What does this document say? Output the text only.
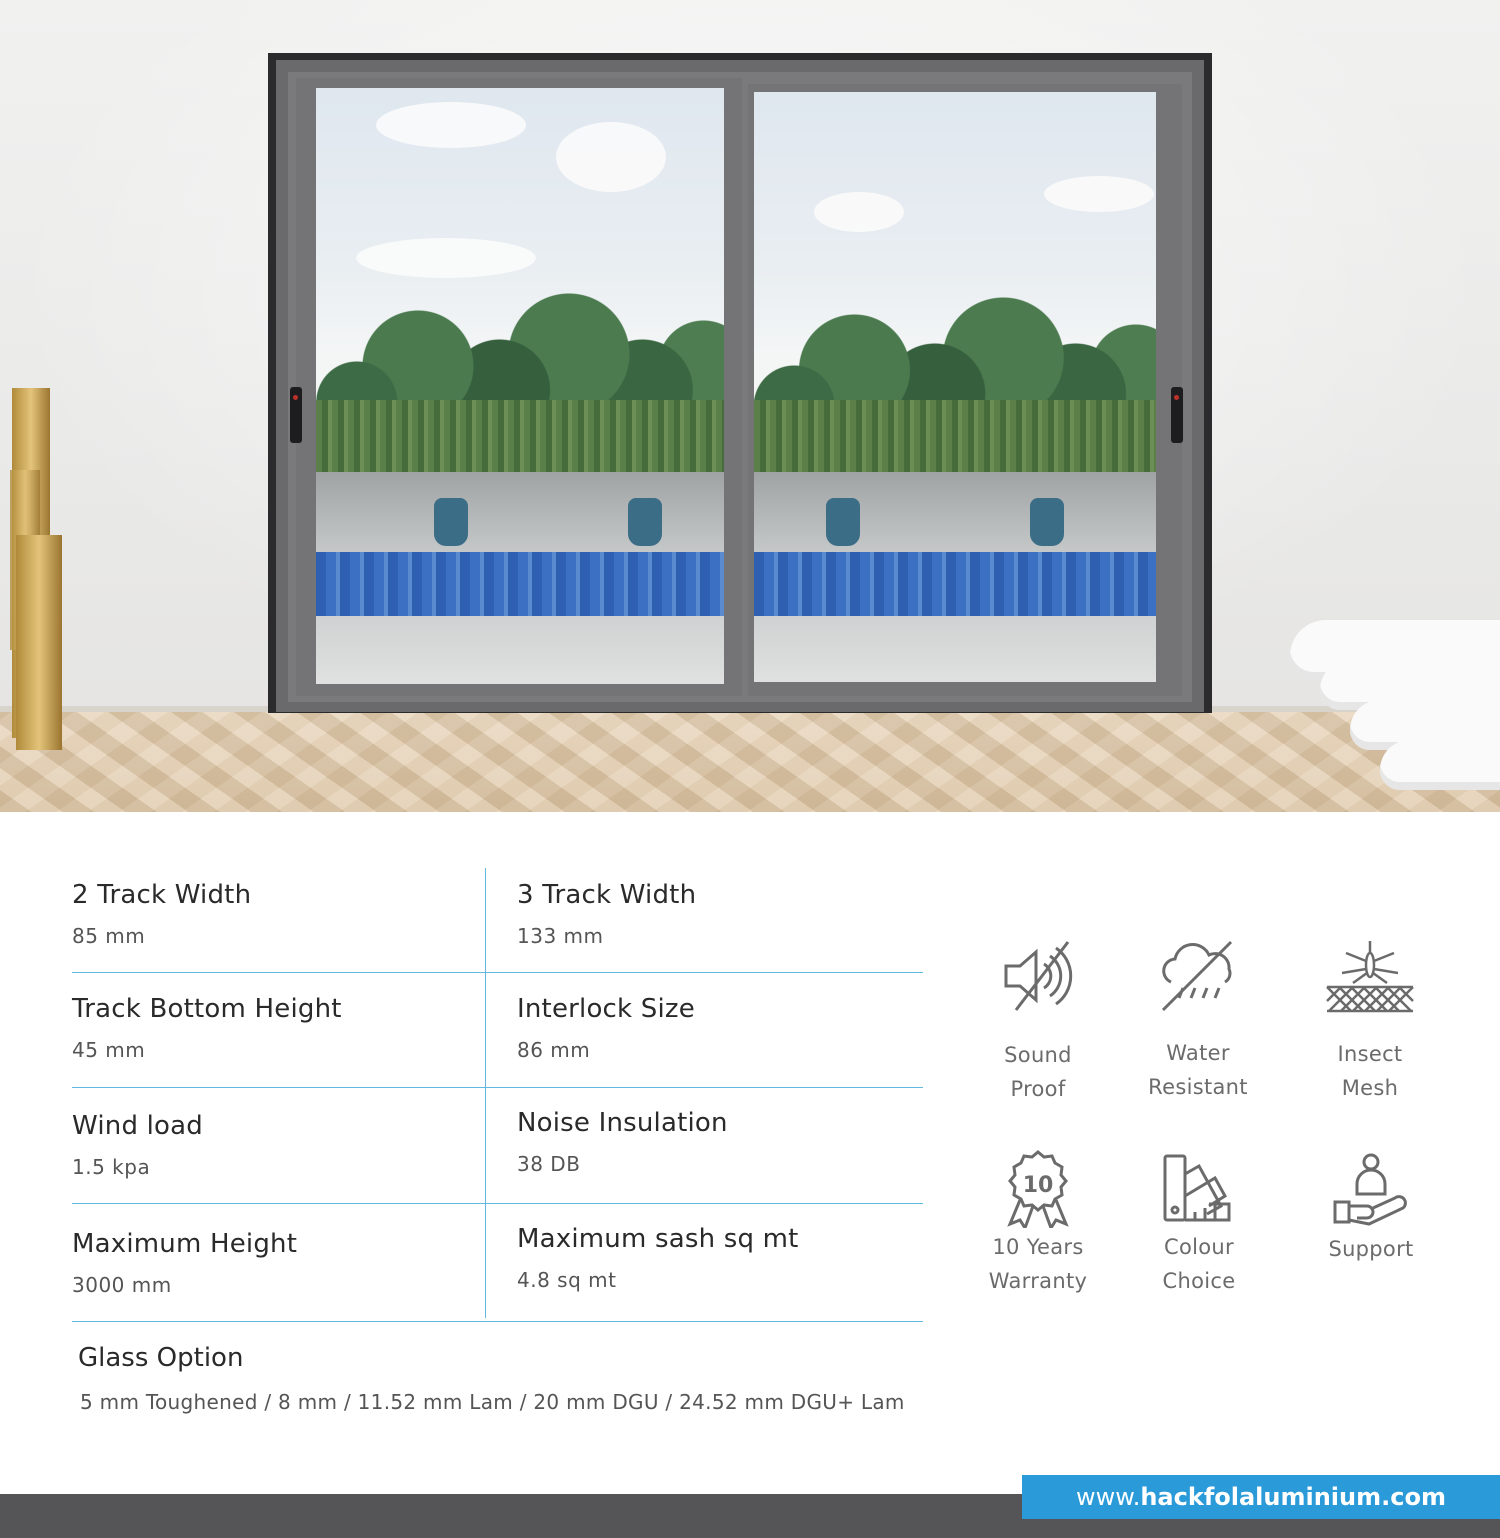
2 Track Width
85 mm
3 Track Width
133 mm
Track Bottom Height
45 mm
Interlock Size
86 mm
Wind load
1.5 kpa
Noise Insulation
38 DB
Maximum Height
3000 mm
Maximum sash sq mt
4.8 sq mt
Glass Option
5 mm Toughened / 8 mm / 11.52 mm Lam / 20 mm DGU / 24.52 mm DGU+ Lam
Sound
Proof
Water
Resistant
Insect
Mesh
10
10 Years
Warranty
Colour
Choice
Support
www.hackfolaluminium.com
